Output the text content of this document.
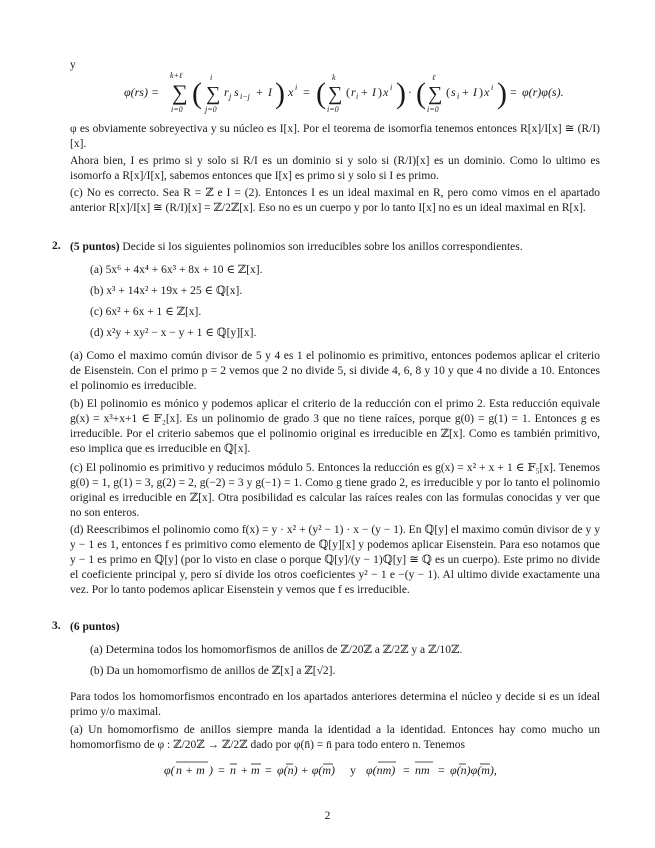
y
φ(rs) = ∑
k+ℓ
i=0 ( ∑
i
j=0
r j s i−j + I ) x i = ( ∑
k
i=0
( r i + I ) x i ) · ( ∑
ℓ
i=0
( s i + I ) x i ) = φ(r)φ(s).
φ es obviamente sobreyectiva y su núcleo es I[x]. Por el teorema de isomorfia tenemos entonces R[x]/I[x] ≅ (R/I)[x].
Ahora bien, I es primo si y solo si R/I es un dominio si y solo si (R/I)[x] es un dominio. Como lo ultimo es isomorfo a R[x]/I[x], sabemos entonces que I[x] es primo si y solo si I es primo.
(c) No es correcto. Sea R = ℤ e I = (2). Entonces I es un ideal maximal en R, pero como vimos en el apartado anterior R[x]/I[x] ≅ (R/I)[x] = ℤ/2ℤ[x]. Eso no es un cuerpo y por lo tanto I[x] no es un ideal maximal en R[x].
2. (5 puntos) Decide si los siguientes polinomios son irreducibles sobre los anillos correspondientes.
(a) 5x⁶ + 4x⁴ + 6x³ + 8x + 10 ∈ ℤ[x].
(b) x³ + 14x² + 19x + 25 ∈ ℚ[x].
(c) 6x² + 6x + 1 ∈ ℤ[x].
(d) x²y + xy² − x − y + 1 ∈ ℚ[y][x].
(a) Como el maximo común divisor de 5 y 4 es 1 el polinomio es primitivo, entonces podemos aplicar el criterio de Eisenstein. Con el primo p = 2 vemos que 2 no divide 5, si divide 4, 6, 8 y 10 y que 4 no divide a 10. Entonces el polinomio es irreducible.
(b) El polinomio es mónico y podemos aplicar el criterio de la reducción con el primo 2. Esta reducción equivale g(x) = x³+x+1 ∈ 𝔽₂[x]. Es un polinomio de grado 3 que no tiene raíces, porque g(0) = g(1) = 1. Entonces g es irreducible. Por el criterio sabemos que el polinomio original es irreducible en ℤ[x]. Como es también primitivo, eso implica que es irreducible en ℚ[x].
(c) El polinomio es primitivo y reducimos módulo 5. Entonces la reducción es g(x) = x² + x + 1 ∈ 𝔽₅[x]. Tenemos g(0) = 1, g(1) = 3, g(2) = 2, g(−2) = 3 y g(−1) = 1. Como g tiene grado 2, es irreducible y por lo tanto el polinomio original es irreducible en ℤ[x]. Otra posibilidad es calcular las raíces reales con las formulas conocidas y ver que no son enteros.
(d) Reescribimos el polinomio como f(x) = y · x² + (y² − 1) · x − (y − 1). En ℚ[y] el maximo común divisor de y y y − 1 es 1, entonces f es primitivo como elemento de ℚ[y][x] y podemos aplicar Eisenstein. Para eso notamos que y − 1 es primo en ℚ[y] (por lo visto en clase o porque ℚ[y]/(y − 1)ℚ[y] ≅ ℚ es un cuerpo). Este primo no divide el coeficiente principal y, pero sí divide los otros coeficientes y² − 1 e −(y − 1). Al ultimo divide exactamente una vez. Por lo tanto podemos aplicar Eisenstein y vemos que f es irreducible.
3. (6 puntos)
(a) Determina todos los homomorfismos de anillos de ℤ/20ℤ a ℤ/2ℤ y a ℤ/10ℤ.
(b) Da un homomorfismo de anillos de ℤ[x] a ℤ[√2].
Para todos los homomorfismos encontrado en los apartados anteriores determina el núcleo y decide si es un ideal primo y/o maximal.
(a) Un homomorfismo de anillos siempre manda la identidad a la identidad. Entonces hay como mucho un homomorfismo de φ : ℤ/20ℤ → ℤ/2ℤ dado por φ(n̄) = n̄ para todo entero n. Tenemos
φ( n + m ) = n + m = φ(n) + φ(m) y φ(nm) = nm = φ(n)φ(m),
2
